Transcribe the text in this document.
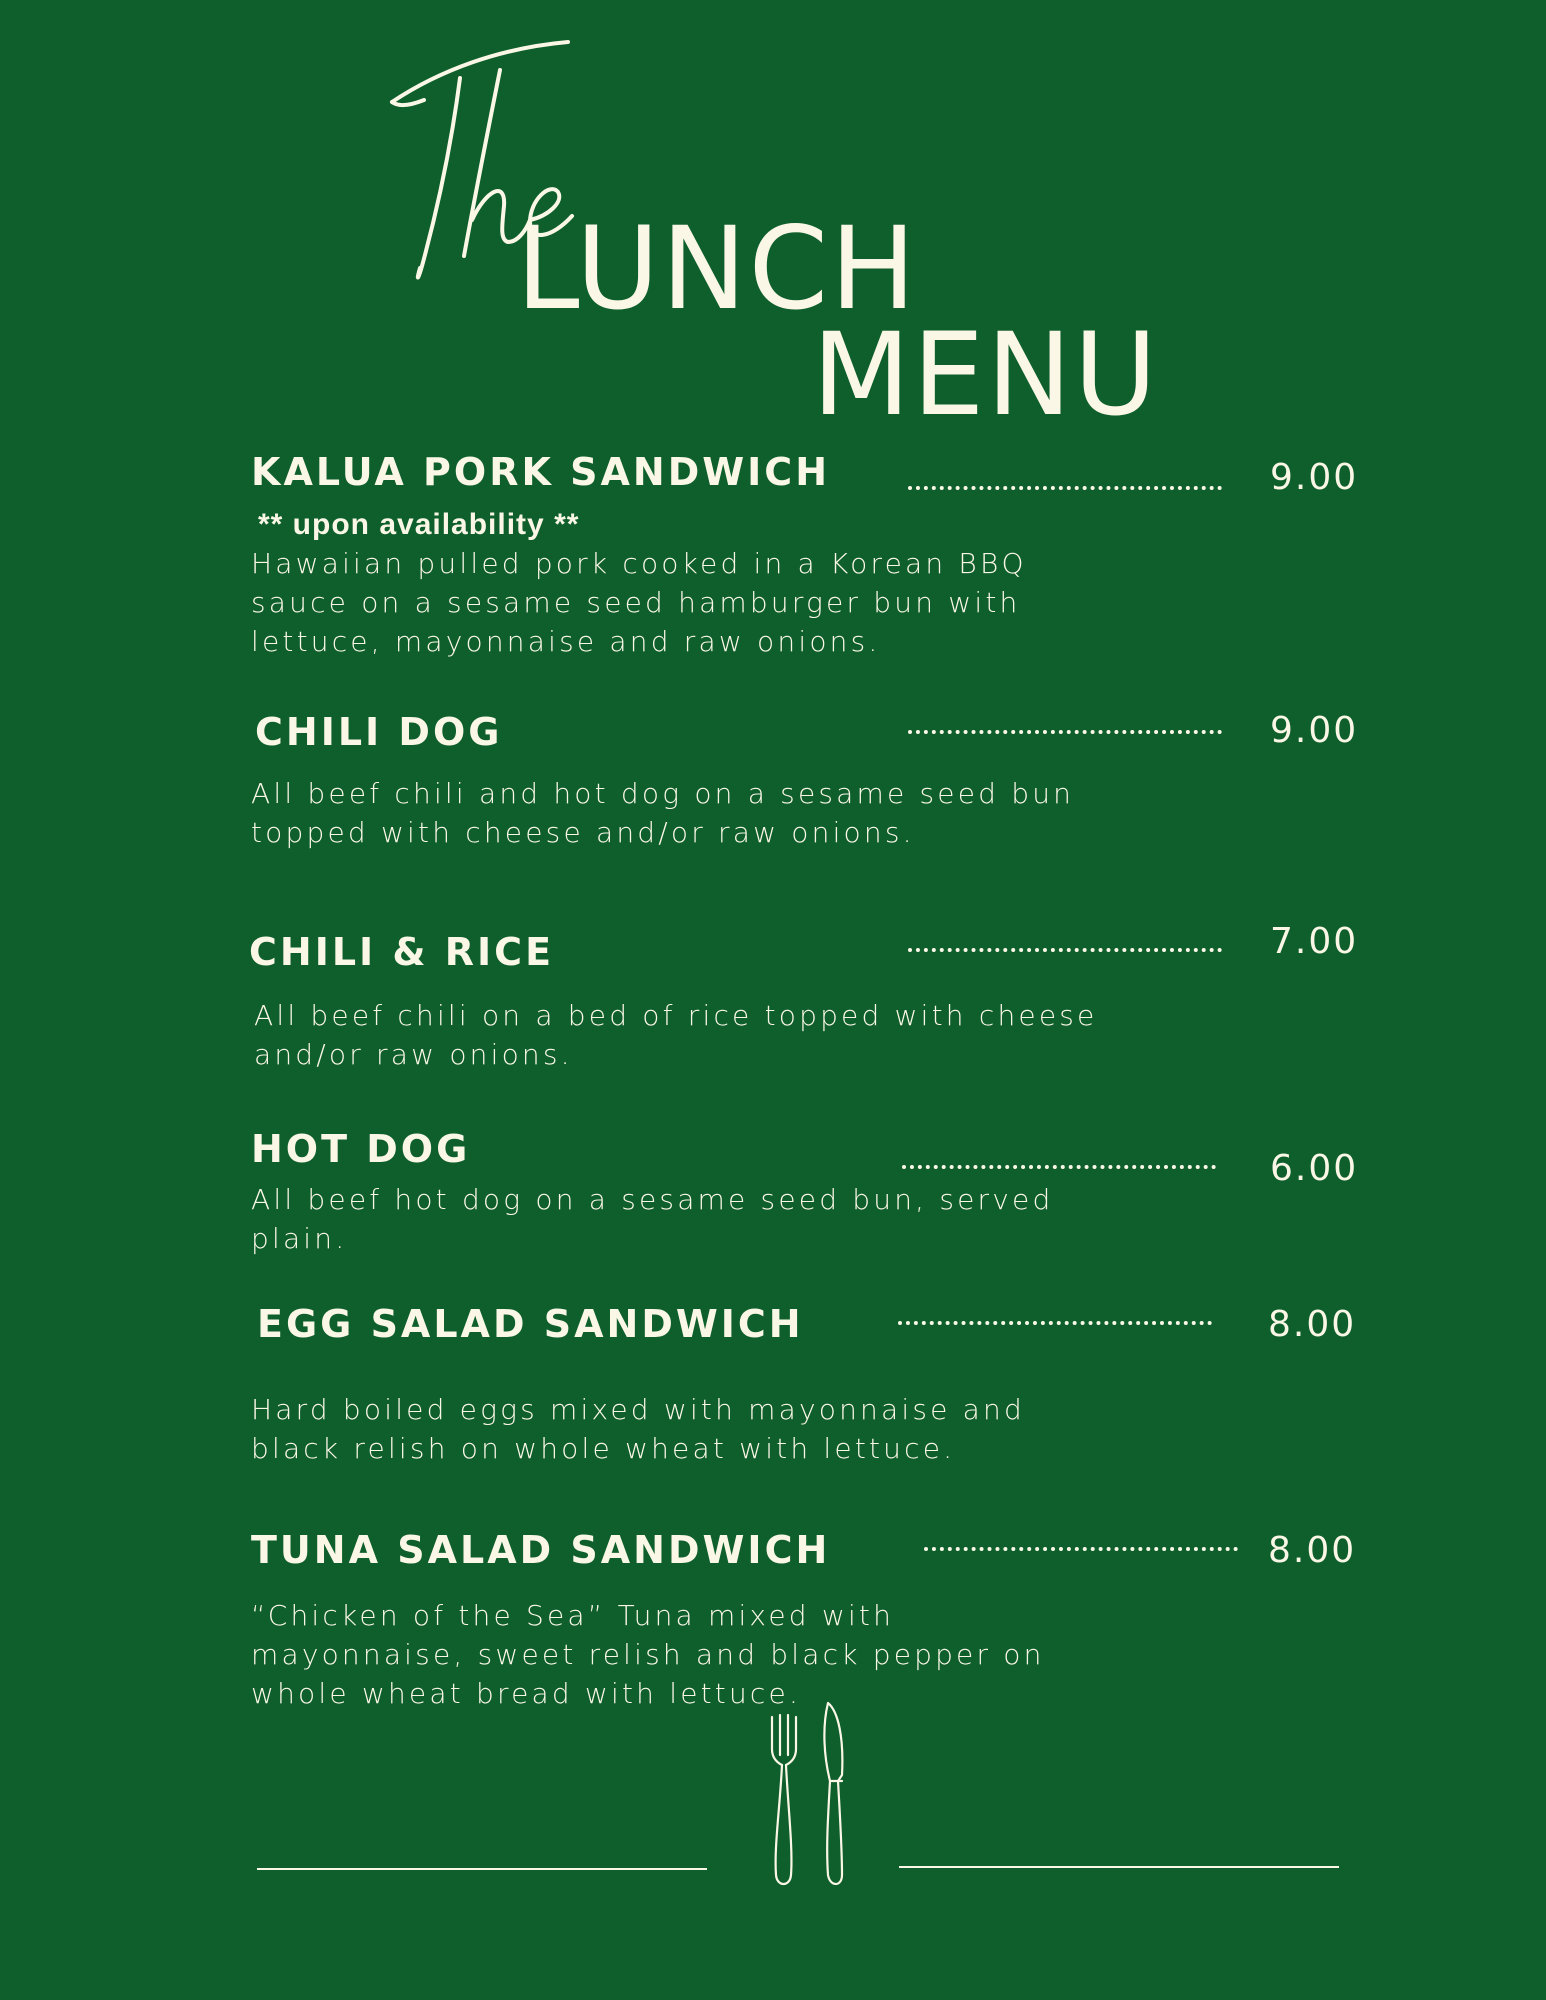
LUNCH
MENU
KALUA PORK SANDWICH
** upon availability **
Hawaiian pulled pork cooked in a Korean BBQ
sauce on a sesame seed hamburger bun with
lettuce, mayonnaise and raw onions.
9.00
CHILI DOG
All beef chili and hot dog on a sesame seed bun
topped with cheese and/or raw onions.
9.00
CHILI & RICE
All beef chili on a bed of rice topped with cheese
and/or raw onions.
7.00
HOT DOG
All beef hot dog on a sesame seed bun, served
plain.
6.00
EGG SALAD SANDWICH
Hard boiled eggs mixed with mayonnaise and
black relish on whole wheat with lettuce.
8.00
TUNA SALAD SANDWICH
“Chicken of the Sea” Tuna mixed with
mayonnaise, sweet relish and black pepper on
whole wheat bread with lettuce.
8.00
